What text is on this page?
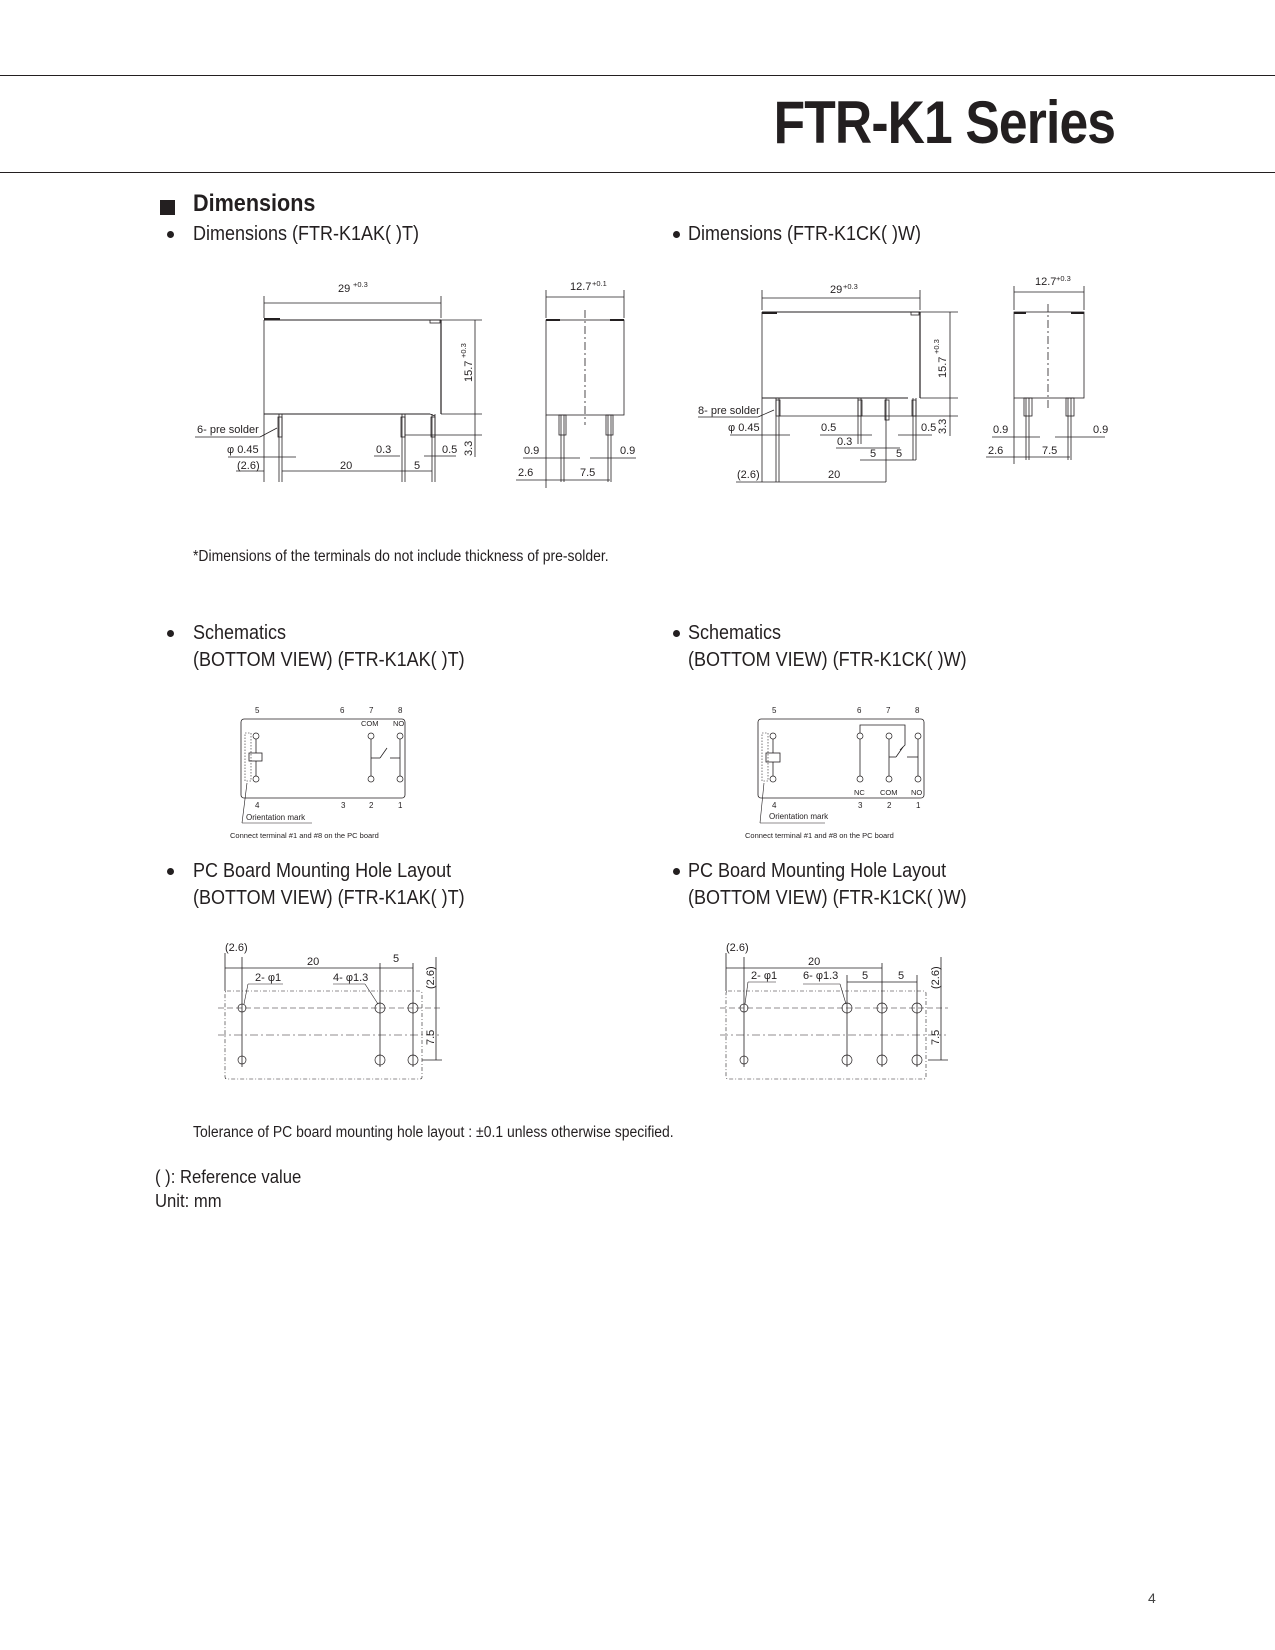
FTR-K1 Series
Dimensions
Dimensions (FTR-K1AK( )T)	Dimensions (FTR-K1CK( )W)
29 +0.3
15.7
+0.3
3.3
6- pre solder
φ 0.45
(2.6)	20	5
0.3	0.5
12.7 +0.1
0.9	0.9
2.6	7.5
29 +0.3
15.7
+0.3
3.3
8- pre solder
φ 0.45	0.5
0.3
0.5
5 5
(2.6)	20
12.7 +0.3
0.9	0.9
2.6	7.5
*Dimensions of the terminals do not include thickness of pre-solder.
Schematics
(BOTTOM VIEW) (FTR-K1AK( )T)
Schematics
(BOTTOM VIEW) (FTR-K1CK( )W)
5	6	7	8
COM NO
4	3	2	1
Orientation mark
Connect terminal #1 and #8 on the PC board
5	6	7	8
NC COM NO
4	3	2	1
Orientation mark
Connect terminal #1 and #8 on the PC board
PC Board Mounting Hole Layout
(BOTTOM VIEW) (FTR-K1AK( )T)
PC Board Mounting Hole Layout
(BOTTOM VIEW) (FTR-K1CK( )W)
(2.6)
20	5
2- φ1	4- φ1.3	(2.6)
7.5
(2.6)
20
5	5
2- φ1 6- φ1.3	(2.6)
7.5
Tolerance of PC board mounting hole layout : ±0.1 unless otherwise specified.
( ): Reference value
Unit: mm
4
